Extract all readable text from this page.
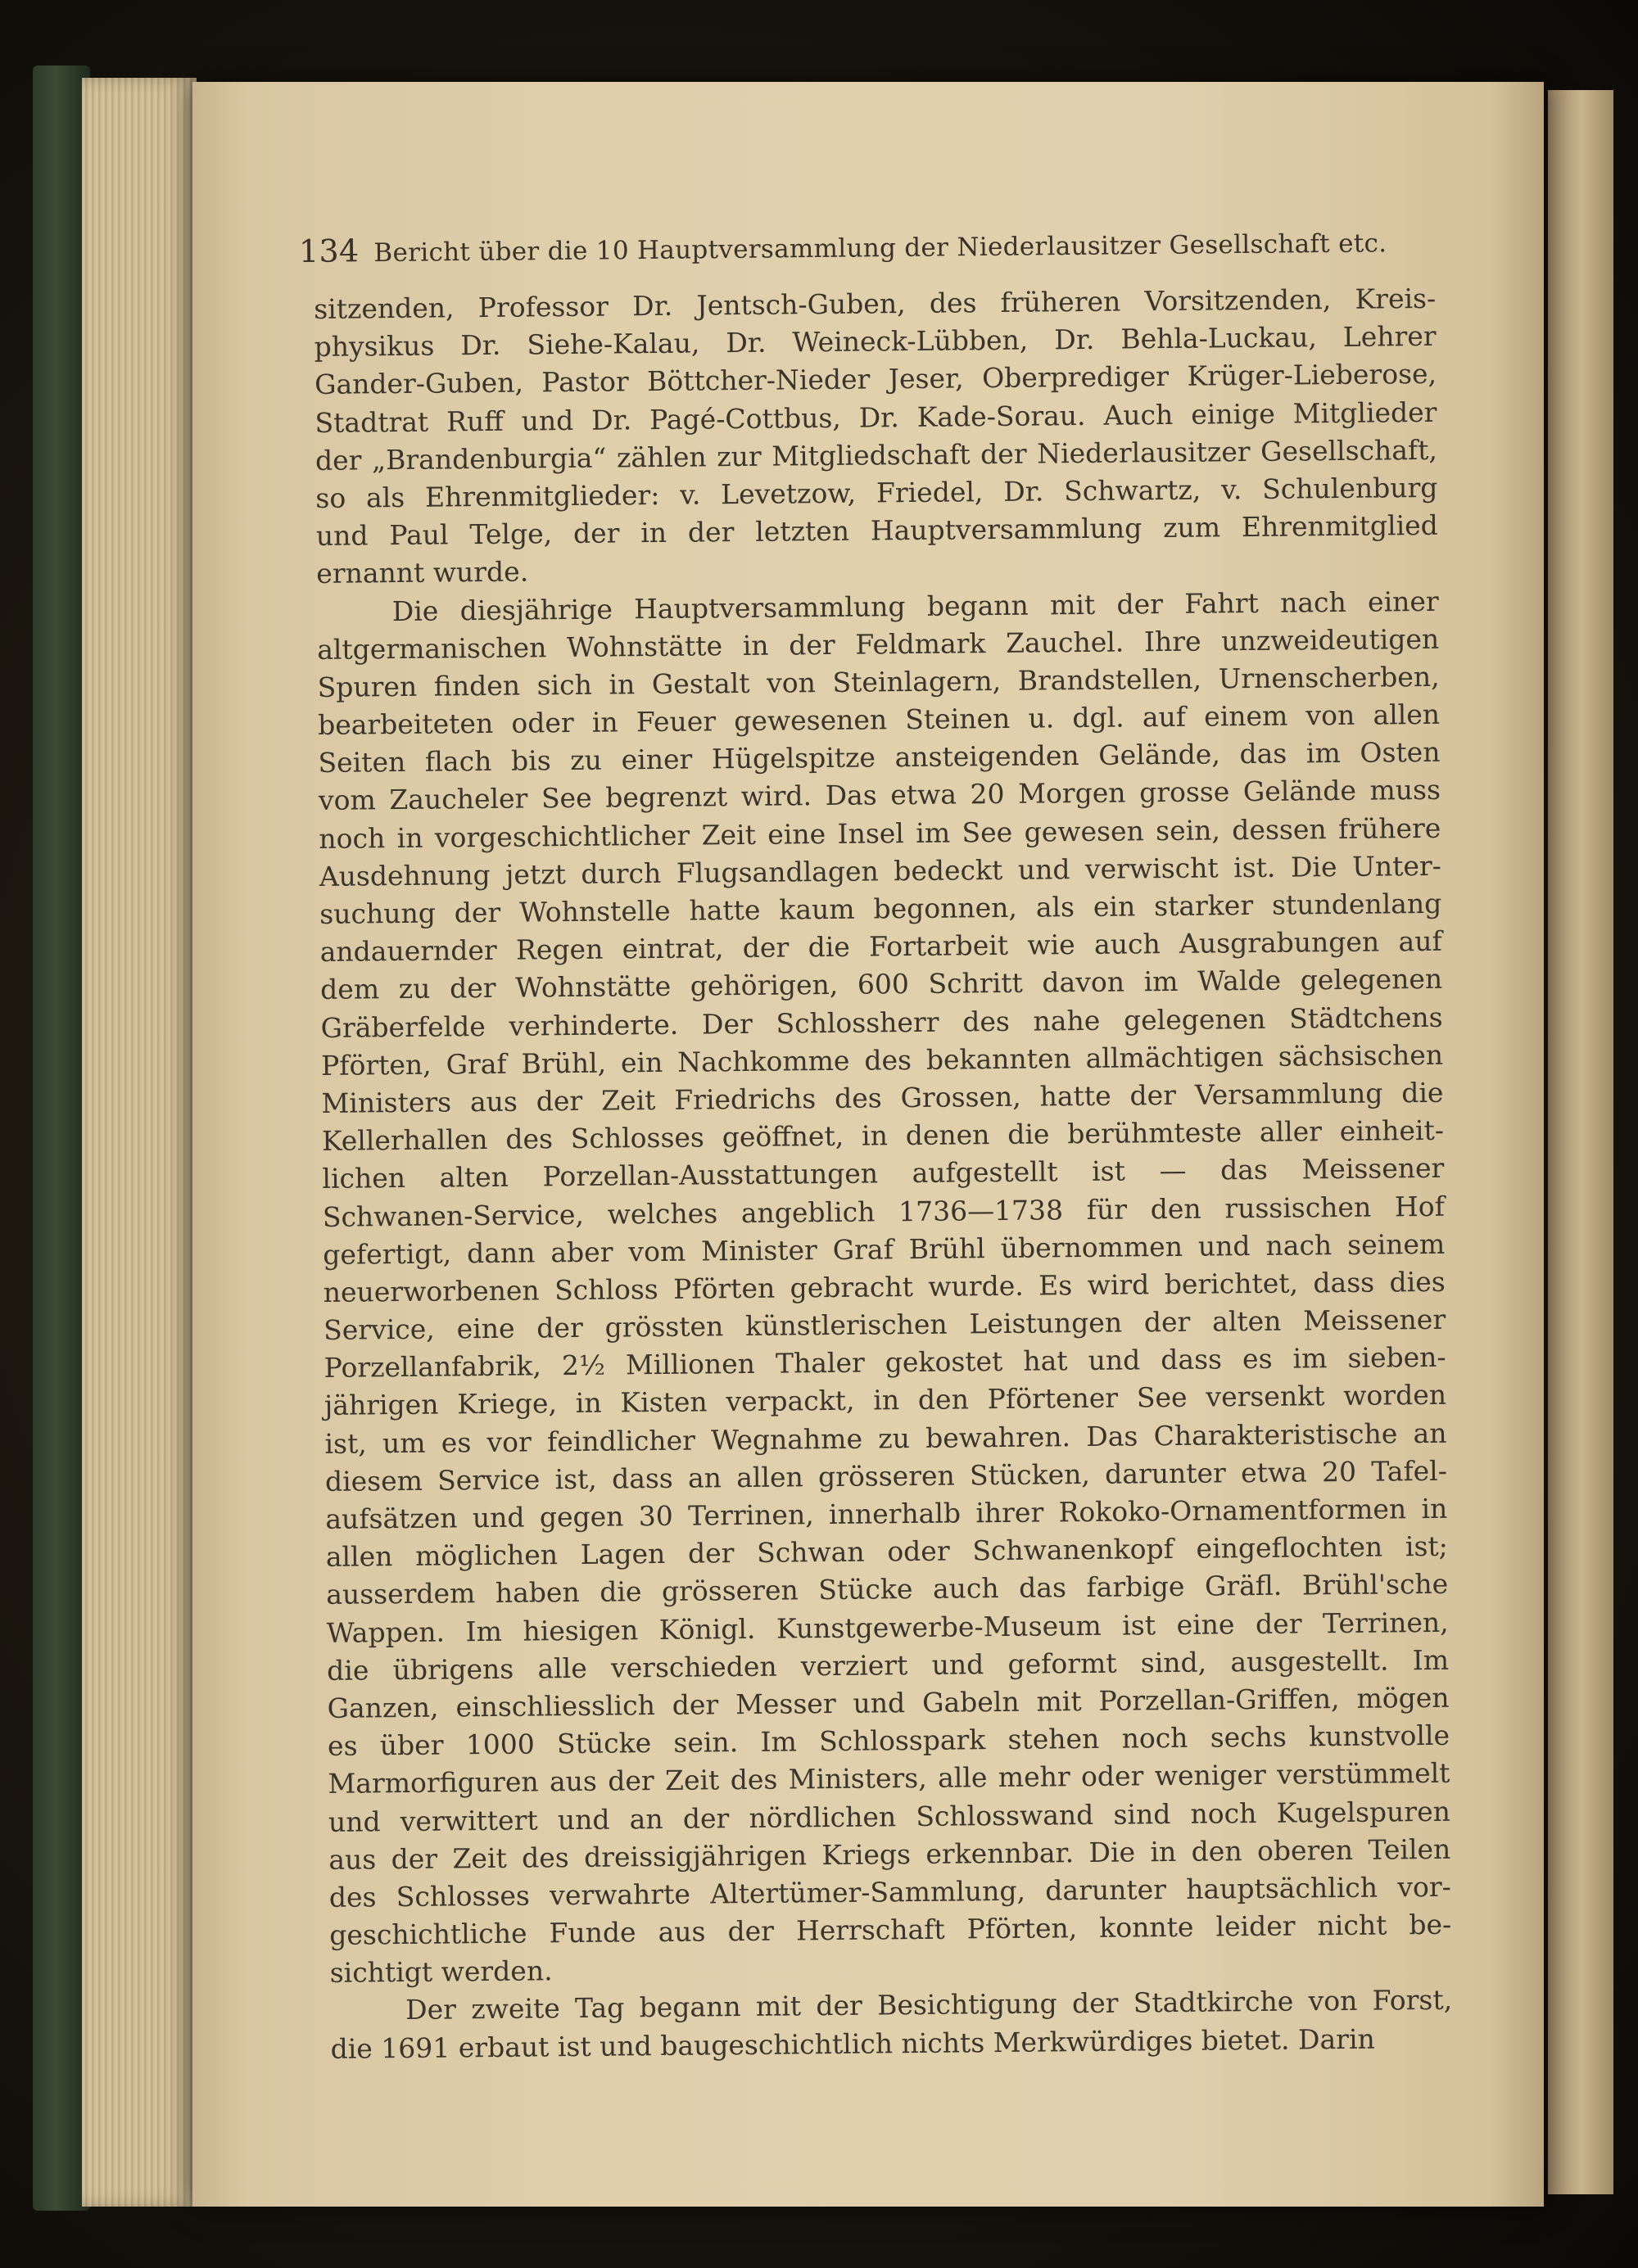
134 Bericht über die 10 Hauptversammlung der Niederlausitzer Gesellschaft etc.
sitzenden, Professor Dr. Jentsch-Guben, des früheren Vorsitzenden, Kreis-
physikus Dr. Siehe-Kalau, Dr. Weineck-Lübben, Dr. Behla-Luckau, Lehrer
Gander-Guben, Pastor Böttcher-Nieder Jeser, Oberprediger Krüger-Lieberose,
Stadtrat Ruff und Dr. Pagé-Cottbus, Dr. Kade-Sorau. Auch einige Mitglieder
der „Brandenburgia“ zählen zur Mitgliedschaft der Niederlausitzer Gesellschaft,
so als Ehrenmitglieder: v. Levetzow, Friedel, Dr. Schwartz, v. Schulenburg
und Paul Telge, der in der letzten Hauptversammlung zum Ehrenmitglied
ernannt wurde.
Die diesjährige Hauptversammlung begann mit der Fahrt nach einer
altgermanischen Wohnstätte in der Feldmark Zauchel. Ihre unzweideutigen
Spuren finden sich in Gestalt von Steinlagern, Brandstellen, Urnenscherben,
bearbeiteten oder in Feuer gewesenen Steinen u. dgl. auf einem von allen
Seiten flach bis zu einer Hügelspitze ansteigenden Gelände, das im Osten
vom Zaucheler See begrenzt wird. Das etwa 20 Morgen grosse Gelände muss
noch in vorgeschichtlicher Zeit eine Insel im See gewesen sein, dessen frühere
Ausdehnung jetzt durch Flugsandlagen bedeckt und verwischt ist. Die Unter-
suchung der Wohnstelle hatte kaum begonnen, als ein starker stundenlang
andauernder Regen eintrat, der die Fortarbeit wie auch Ausgrabungen auf
dem zu der Wohnstätte gehörigen, 600 Schritt davon im Walde gelegenen
Gräberfelde verhinderte. Der Schlossherr des nahe gelegenen Städtchens
Pförten, Graf Brühl, ein Nachkomme des bekannten allmächtigen sächsischen
Ministers aus der Zeit Friedrichs des Grossen, hatte der Versammlung die
Kellerhallen des Schlosses geöffnet, in denen die berühmteste aller einheit-
lichen alten Porzellan-Ausstattungen aufgestellt ist — das Meissener
Schwanen-Service, welches angeblich 1736—1738 für den russischen Hof
gefertigt, dann aber vom Minister Graf Brühl übernommen und nach seinem
neuerworbenen Schloss Pförten gebracht wurde. Es wird berichtet, dass dies
Service, eine der grössten künstlerischen Leistungen der alten Meissener
Porzellanfabrik, 2½ Millionen Thaler gekostet hat und dass es im sieben-
jährigen Kriege, in Kisten verpackt, in den Pförtener See versenkt worden
ist, um es vor feindlicher Wegnahme zu bewahren. Das Charakteristische an
diesem Service ist, dass an allen grösseren Stücken, darunter etwa 20 Tafel-
aufsätzen und gegen 30 Terrinen, innerhalb ihrer Rokoko-Ornamentformen in
allen möglichen Lagen der Schwan oder Schwanenkopf eingeflochten ist;
ausserdem haben die grösseren Stücke auch das farbige Gräfl. Brühl'sche
Wappen. Im hiesigen Königl. Kunstgewerbe-Museum ist eine der Terrinen,
die übrigens alle verschieden verziert und geformt sind, ausgestellt. Im
Ganzen, einschliesslich der Messer und Gabeln mit Porzellan-Griffen, mögen
es über 1000 Stücke sein. Im Schlosspark stehen noch sechs kunstvolle
Marmorfiguren aus der Zeit des Ministers, alle mehr oder weniger verstümmelt
und verwittert und an der nördlichen Schlosswand sind noch Kugelspuren
aus der Zeit des dreissigjährigen Kriegs erkennbar. Die in den oberen Teilen
des Schlosses verwahrte Altertümer-Sammlung, darunter hauptsächlich vor-
geschichtliche Funde aus der Herrschaft Pförten, konnte leider nicht be-
sichtigt werden.
Der zweite Tag begann mit der Besichtigung der Stadtkirche von Forst,
die 1691 erbaut ist und baugeschichtlich nichts Merkwürdiges bietet. Darin
